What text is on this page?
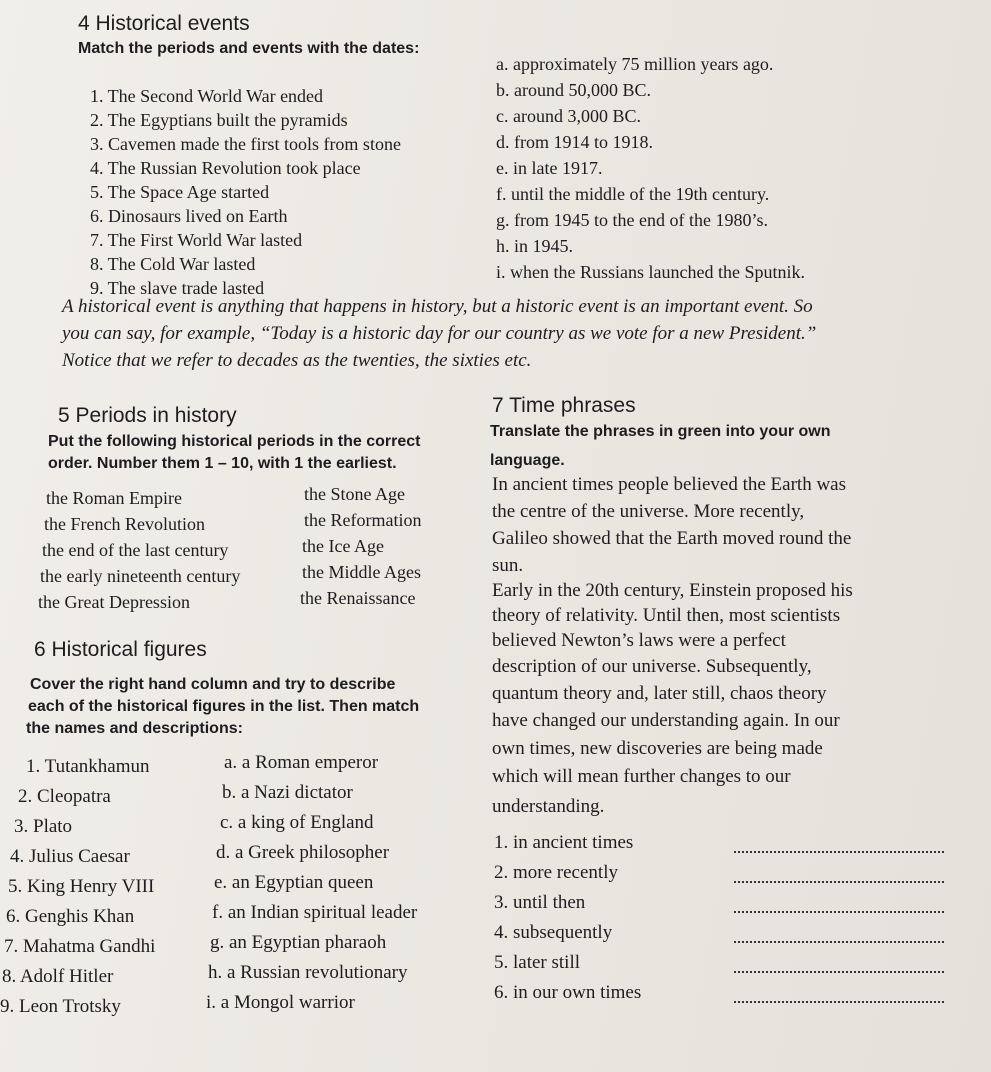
4 Historical events
Match the periods and events with the dates:
1. The Second World War ended
2. The Egyptians built the pyramids
3. Cavemen made the first tools from stone
4. The Russian Revolution took place
5. The Space Age started
6. Dinosaurs lived on Earth
7. The First World War lasted
8. The Cold War lasted
9. The slave trade lasted
a. approximately 75 million years ago.
b. around 50,000 BC.
c. around 3,000 BC.
d. from 1914 to 1918.
e. in late 1917.
f. until the middle of the 19th century.
g. from 1945 to the end of the 1980’s.
h. in 1945.
i. when the Russians launched the Sputnik.
A historical event is anything that happens in history, but a historic event is an important event. So
you can say, for example, “Today is a historic day for our country as we vote for a new President.”
Notice that we refer to decades as the twenties, the sixties etc.
5 Periods in history
Put the following historical periods in the correct
order. Number them 1 – 10, with 1 the earliest.
the Roman Empire
the French Revolution
the end of the last century
the early nineteenth century
the Great Depression
the Stone Age
the Reformation
the Ice Age
the Middle Ages
the Renaissance
6 Historical figures
Cover the right hand column and try to describe
each of the historical figures in the list. Then match
the names and descriptions:
1. Tutankhamun
2. Cleopatra
3. Plato
4. Julius Caesar
5. King Henry VIII
6. Genghis Khan
7. Mahatma Gandhi
8. Adolf Hitler
9. Leon Trotsky
a. a Roman emperor
b. a Nazi dictator
c. a king of England
d. a Greek philosopher
e. an Egyptian queen
f. an Indian spiritual leader
g. an Egyptian pharaoh
h. a Russian revolutionary
i. a Mongol warrior
7 Time phrases
Translate the phrases in green into your own
language.
In ancient times people believed the Earth was
the centre of the universe. More recently,
Galileo showed that the Earth moved round the
sun.
Early in the 20th century, Einstein proposed his
theory of relativity. Until then, most scientists
believed Newton’s laws were a perfect
description of our universe. Subsequently,
quantum theory and, later still, chaos theory
have changed our understanding again. In our
own times, new discoveries are being made
which will mean further changes to our
understanding.
1. in ancient times
2. more recently
3. until then
4. subsequently
5. later still
6. in our own times
